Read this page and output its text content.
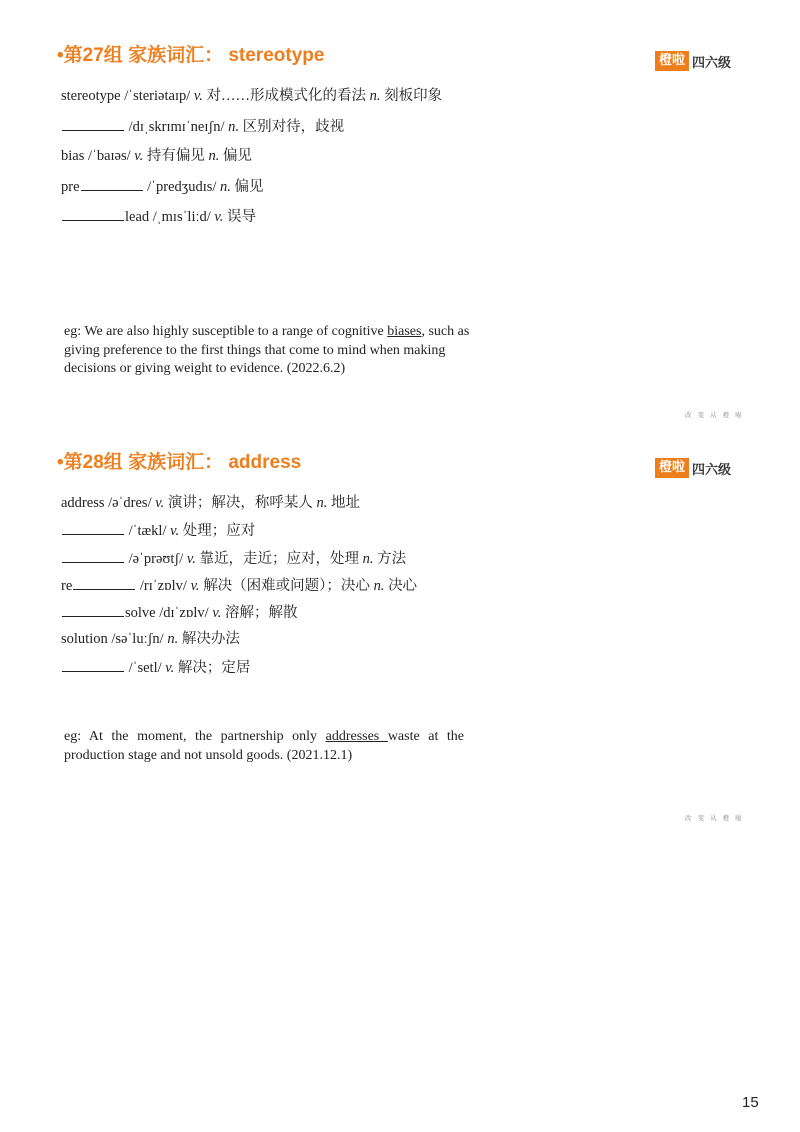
•第27组 家族词汇： stereotype	橙啦 四六级
stereotype /ˈsteriətaɪp/ v. 对……形成模式化的看法 n. 刻板印象
/dɪˌskrɪmɪˈneɪʃn/ n. 区别对待，歧视
bias /ˈbaɪəs/ v. 持有偏见 n. 偏见
pre	/ˈpredʒudɪs/ n. 偏见
lead /ˌmɪsˈliːd/ v. 误导
eg: We are also highly susceptible to a range of cognitive biases, such as giving preference to the first things that come to mind when making decisions or giving weight to evidence. (2022.6.2)
改 变 从 橙 啦
•第28组 家族词汇： address	橙啦 四六级
address /əˈdres/ v. 演讲；解决，称呼某人 n. 地址
/ˈtækl/ v. 处理；应对
/əˈprəʊtʃ/ v. 靠近，走近；应对，处理 n. 方法
re	/rɪˈzɒlv/ v. 解决（困难或问题）；决心 n. 决心
solve /dɪˈzɒlv/ v. 溶解；解散
solution /səˈluːʃn/ n. 解决办法
/ˈsetl/ v. 解决；定居
eg: At the moment, the partnership only addresses waste at the production stage and not unsold goods. (2021.12.1)
改 变 从 橙 啦
15
